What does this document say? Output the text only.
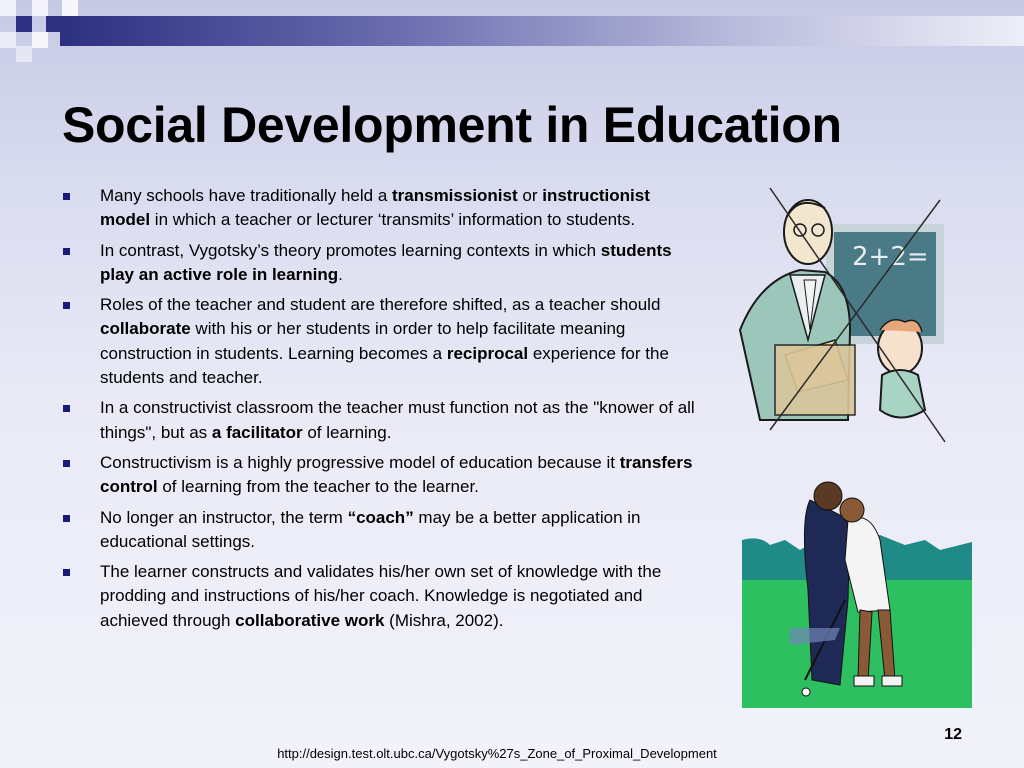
Social Development in Education
Many schools have traditionally held a transmissionist or instructionist model in which a teacher or lecturer ‘transmits’ information to students.
In contrast, Vygotsky’s theory promotes learning contexts in which students play an active role in learning.
Roles of the teacher and student are therefore shifted, as a teacher should collaborate with his or her students in order to help facilitate meaning construction in students. Learning becomes a reciprocal experience for the students and teacher.
In a constructivist classroom the teacher must function not as the "knower of all things", but as a facilitator of learning.
Constructivism is a highly progressive model of education because it transfers control of learning from the teacher to the learner.
No longer an instructor, the term “coach” may be a better application in educational settings.
The learner constructs and validates his/her own set of knowledge with the prodding and instructions of his/her coach. Knowledge is negotiated and achieved through collaborative work (Mishra, 2002).
2+2=
12
http://design.test.olt.ubc.ca/Vygotsky%27s_Zone_of_Proximal_Development
